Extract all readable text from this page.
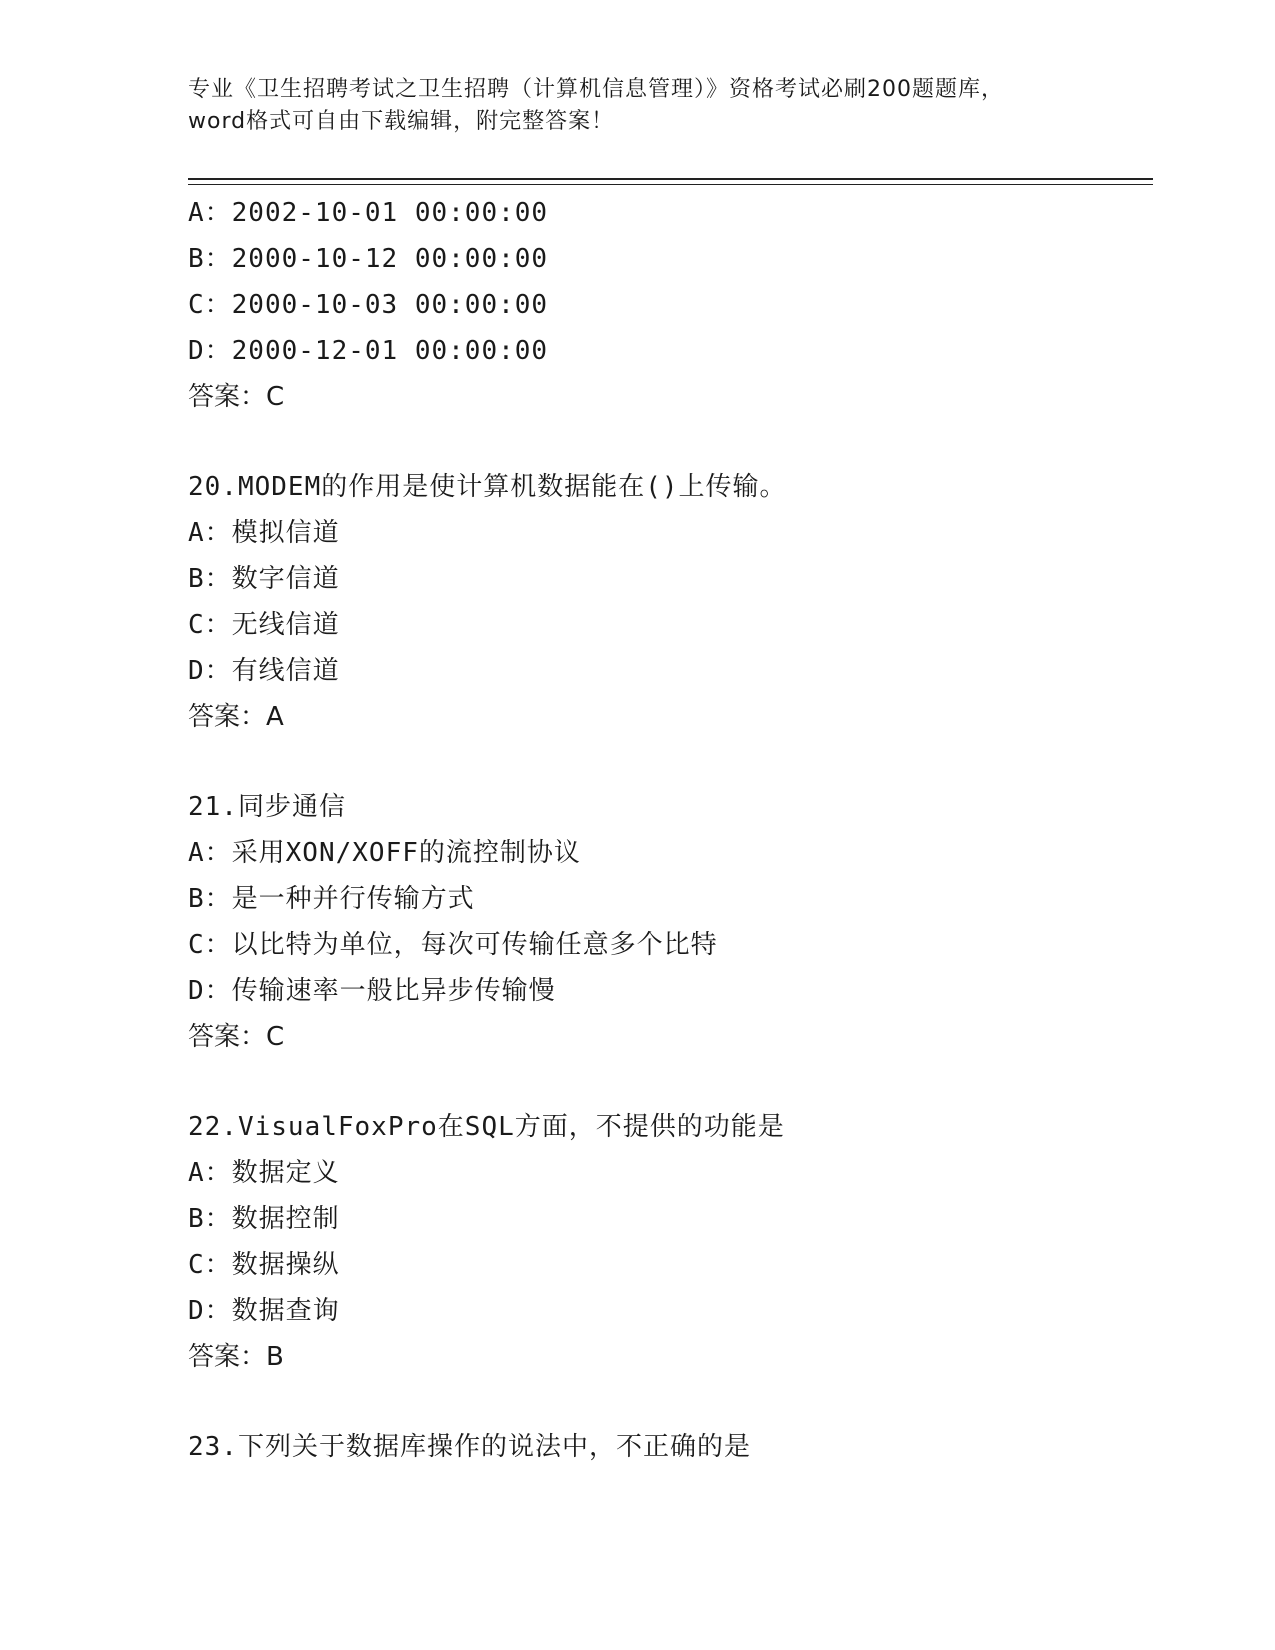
专业《卫生招聘考试之卫生招聘（计算机信息管理）》资格考试必刷200题题库，
word格式可自由下载编辑，附完整答案！
A：2002-10-01 00:00:00
B：2000-10-12 00:00:00
C：2000-10-03 00:00:00
D：2000-12-01 00:00:00
答案：C
20.MODEM的作用是使计算机数据能在()上传输。
A：模拟信道
B：数字信道
C：无线信道
D：有线信道
答案：A
21.同步通信
A：采用XON/XOFF的流控制协议
B：是一种并行传输方式
C：以比特为单位，每次可传输任意多个比特
D：传输速率一般比异步传输慢
答案：C
22.VisualFoxPro在SQL方面，不提供的功能是
A：数据定义
B：数据控制
C：数据操纵
D：数据查询
答案：B
23.下列关于数据库操作的说法中，不正确的是
